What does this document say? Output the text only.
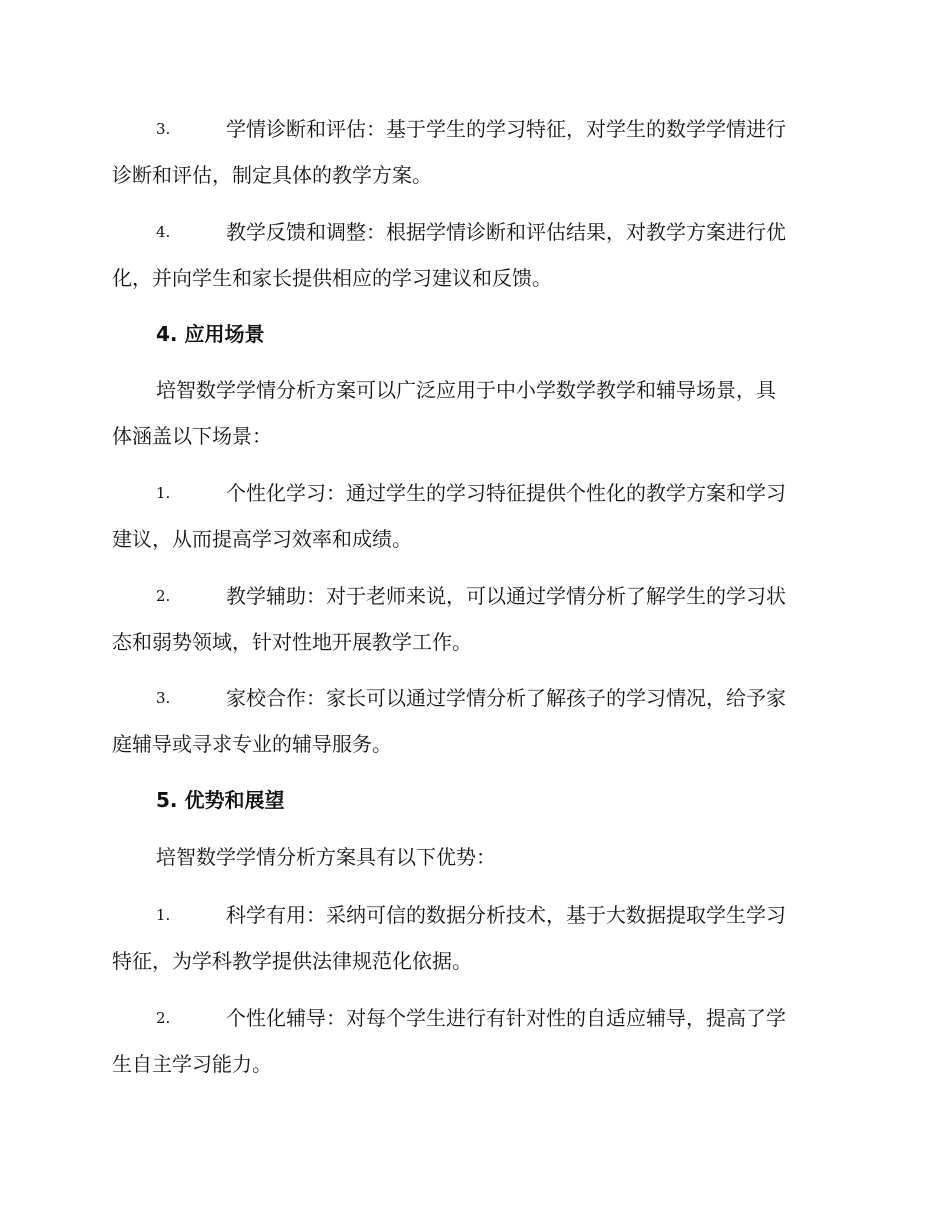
3.	学情诊断和评估：基于学生的学习特征，对学生的数学学情进行
诊断和评估，制定具体的教学方案。
4.	教学反馈和调整：根据学情诊断和评估结果，对教学方案进行优
化，并向学生和家长提供相应的学习建议和反馈。
4. 应用场景
培智数学学情分析方案可以广泛应用于中小学数学教学和辅导场景，具
体涵盖以下场景：
1.	个性化学习：通过学生的学习特征提供个性化的教学方案和学习
建议，从而提高学习效率和成绩。
2.	教学辅助：对于老师来说，可以通过学情分析了解学生的学习状
态和弱势领域，针对性地开展教学工作。
3.	家校合作：家长可以通过学情分析了解孩子的学习情况，给予家
庭辅导或寻求专业的辅导服务。
5. 优势和展望
培智数学学情分析方案具有以下优势：
1.	科学有用：采纳可信的数据分析技术，基于大数据提取学生学习
特征，为学科教学提供法律规范化依据。
2.	个性化辅导：对每个学生进行有针对性的自适应辅导，提高了学
生自主学习能力。
